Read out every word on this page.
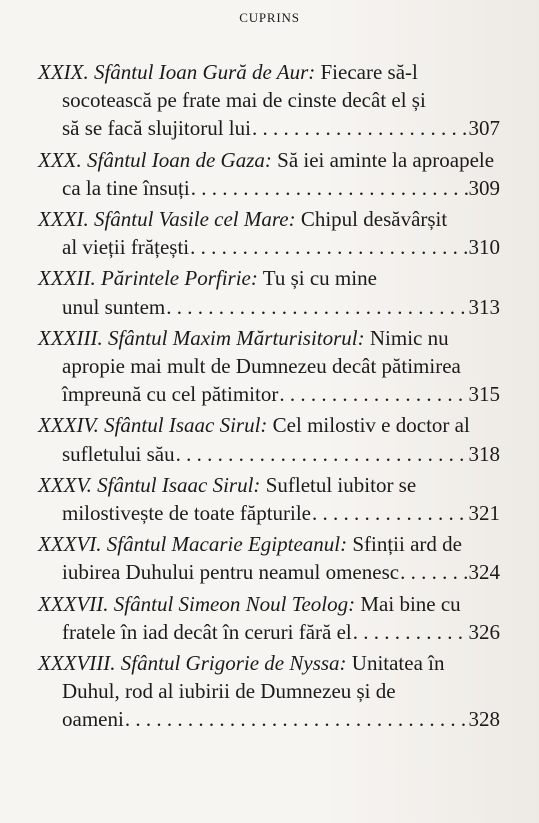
CUPRINS
XXIX. Sfântul Ioan Gură de Aur: Fiecare să-l
socotească pe frate mai de cinste decât el și
să se facă slujitorul lui . . .	307
XXX. Sfântul Ioan de Gaza: Să iei aminte la aproapele
ca la tine însuți . . .	309
XXXI. Sfântul Vasile cel Mare: Chipul desăvârșit
al vieții frățești . . .	310
XXXII. Părintele Porfirie: Tu și cu mine
unul suntem . . .	313
XXXIII. Sfântul Maxim Mărturisitorul: Nimic nu
apropie mai mult de Dumnezeu decât pătimirea
împreună cu cel pătimitor . . .	315
XXXIV. Sfântul Isaac Sirul: Cel milostiv e doctor al
sufletului său . . .	318
XXXV. Sfântul Isaac Sirul: Sufletul iubitor se
milostivește de toate făpturile . . .	321
XXXVI. Sfântul Macarie Egipteanul: Sfinții ard de
iubirea Duhului pentru neamul omenesc . . .	324
XXXVII. Sfântul Simeon Noul Teolog: Mai bine cu
fratele în iad decât în ceruri fără el . . .	326
XXXVIII. Sfântul Grigorie de Nyssa: Unitatea în
Duhul, rod al iubirii de Dumnezeu și de
oameni . . .	328
